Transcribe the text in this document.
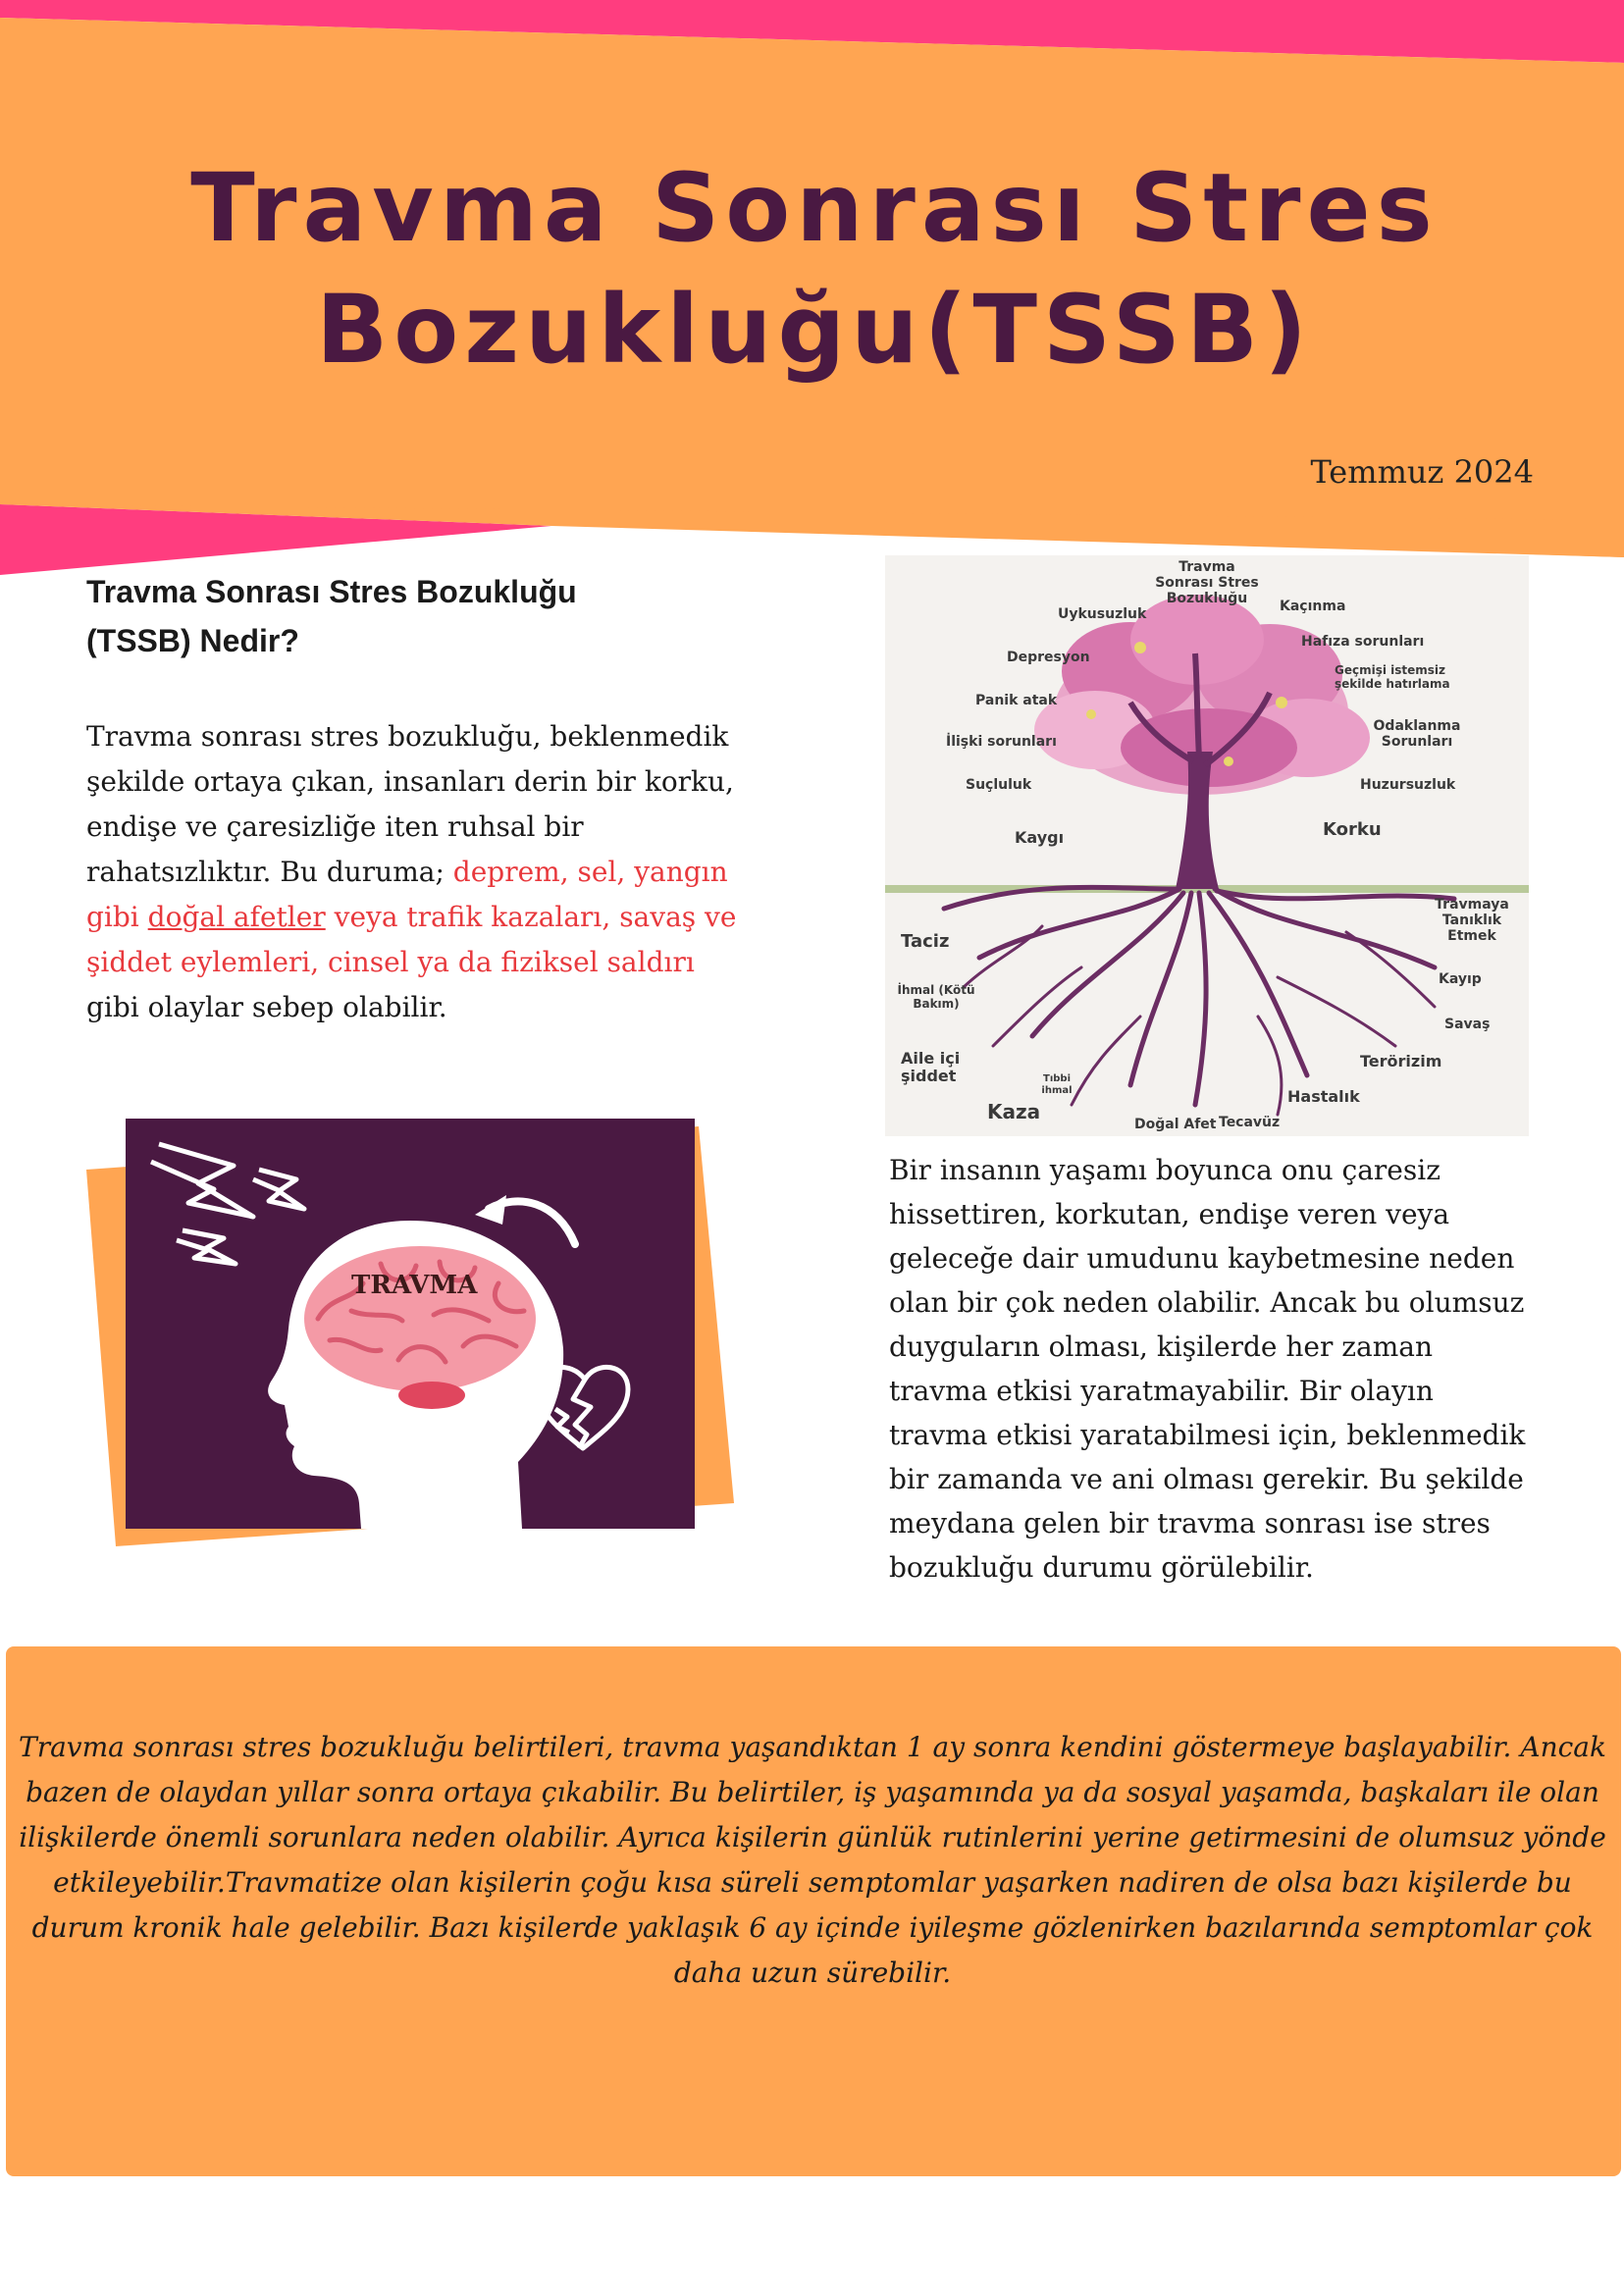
Travma Sonrası Stres
Bozukluğu(TSSB)
Temmuz 2024
Travma Sonrası Stres Bozukluğu
(TSSB) Nedir?

Travma sonrası stres bozukluğu, beklenmedik şekilde ortaya çıkan, insanları derin bir korku, endişe ve çaresizliğe iten ruhsal bir rahatsızlıktır. Bu duruma; deprem, sel, yangın gibi doğal afetler veya trafik kazaları, savaş ve şiddet eylemleri, cinsel ya da fiziksel saldırı gibi olaylar sebep olabilir.

TRAVMA
Travma Sonrası Stres Bozukluğu
Uykusuzluk	Kaçınma
Depresyon
Hafıza sorunları
Geçmişi istemsiz şekilde hatırlama
Panik atak
İlişki sorunları
Odaklanma Sorunları
Suçluluk	Huzursuzluk
Kaygı	Korku
Taciz
Travmaya Tanıklık Etmek
İhmal (Kötü Bakım)
Kayıp
Savaş
Aile içi şiddet
Terörizim
Tıbbi ihmal
Kaza
Hastalık
Doğal Afet Tecavüz

Bir insanın yaşamı boyunca onu çaresiz hissettiren, korkutan, endişe veren veya geleceğe dair umudunu kaybetmesine neden olan bir çok neden olabilir. Ancak bu olumsuz duyguların olması, kişilerde her zaman travma etkisi yaratmayabilir. Bir olayın travma etkisi yaratabilmesi için, beklenmedik bir zamanda ve ani olması gerekir. Bu şekilde meydana gelen bir travma sonrası ise stres bozukluğu durumu görülebilir.

Travma sonrası stres bozukluğu belirtileri, travma yaşandıktan 1 ay sonra kendini göstermeye başlayabilir. Ancak bazen de olaydan yıllar sonra ortaya çıkabilir. Bu belirtiler, iş yaşamında ya da sosyal yaşamda, başkaları ile olan ilişkilerde önemli sorunlara neden olabilir. Ayrıca kişilerin günlük rutinlerini yerine getirmesini de olumsuz yönde etkileyebilir.Travmatize olan kişilerin çoğu kısa süreli semptomlar yaşarken nadiren de olsa bazı kişilerde bu durum kronik hale gelebilir. Bazı kişilerde yaklaşık 6 ay içinde iyileşme gözlenirken bazılarında semptomlar çok daha uzun sürebilir.
